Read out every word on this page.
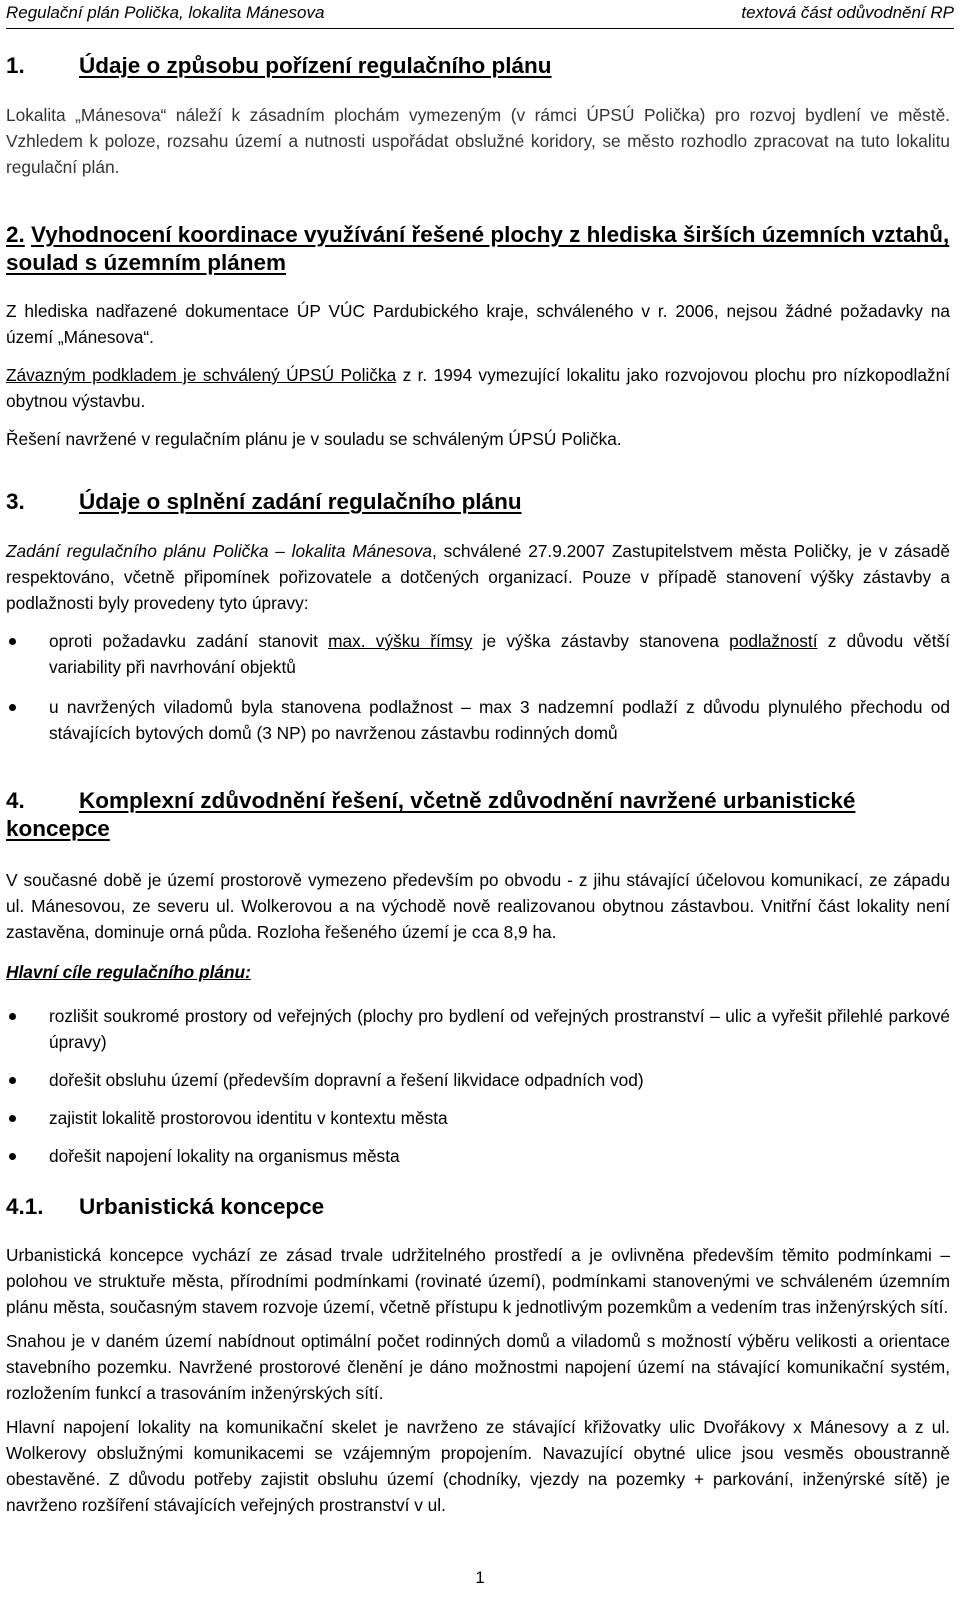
Regulační plán Polička, lokalita Mánesova	textová část odůvodnění RP
1. Údaje o způsobu pořízení regulačního plánu

Lokalita „Mánesova“ náleží k zásadním plochám vymezeným (v rámci ÚPSÚ Polička) pro rozvoj bydlení ve městě. Vzhledem k poloze, rozsahu území a nutnosti uspořádat obslužné koridory, se město rozhodlo zpracovat na tuto lokalitu regulační plán.

2. Vyhodnocení koordinace využívání řešené plochy z hlediska širších územních vztahů, soulad s územním plánem

Z hlediska nadřazené dokumentace ÚP VÚC Pardubického kraje, schváleného v r. 2006, nejsou žádné požadavky na území „Mánesova“.

Závazným podkladem je schválený ÚPSÚ Polička z r. 1994 vymezující lokalitu jako rozvojovou plochu pro nízkopodlažní obytnou výstavbu.

Řešení navržené v regulačním plánu je v souladu se schváleným ÚPSÚ Polička.

3. Údaje o splnění zadání regulačního plánu

Zadání regulačního plánu Polička – lokalita Mánesova, schválené 27.9.2007 Zastupitelstvem města Poličky, je v zásadě respektováno, včetně připomínek pořizovatele a dotčených organizací. Pouze v případě stanovení výšky zástavby a podlažnosti byly provedeny tyto úpravy:

oproti požadavku zadání stanovit max. výšku římsy je výška zástavby stanovena podlažností z důvodu větší variability při navrhování objektů
u navržených viladomů byla stanovena podlažnost – max 3 nadzemní podlaží z důvodu plynulého přechodu od stávajících bytových domů (3 NP) po navrženou zástavbu rodinných domů
4. Komplexní zdůvodnění řešení, včetně zdůvodnění navržené urbanistické koncepce

V současné době je území prostorově vymezeno především po obvodu - z jihu stávající účelovou komunikací, ze západu ul. Mánesovou, ze severu ul. Wolkerovou a na východě nově realizovanou obytnou zástavbou. Vnitřní část lokality není zastavěna, dominuje orná půda. Rozloha řešeného území je cca 8,9 ha.

Hlavní cíle regulačního plánu:

rozlišit soukromé prostory od veřejných (plochy pro bydlení od veřejných prostranství – ulic a vyřešit přilehlé parkové úpravy)
dořešit obsluhu území (především dopravní a řešení likvidace odpadních vod)
zajistit lokalitě prostorovou identitu v kontextu města
dořešit napojení lokality na organismus města
4.1. Urbanistická koncepce

Urbanistická koncepce vychází ze zásad trvale udržitelného prostředí a je ovlivněna především těmito podmínkami – polohou ve struktuře města, přírodními podmínkami (rovinaté území), podmínkami stanovenými ve schváleném územním plánu města, současným stavem rozvoje území, včetně přístupu k jednotlivým pozemkům a vedením tras inženýrských sítí.

Snahou je v daném území nabídnout optimální počet rodinných domů a viladomů s možností výběru velikosti a orientace stavebního pozemku. Navržené prostorové členění je dáno možnostmi napojení území na stávající komunikační systém, rozložením funkcí a trasováním inženýrských sítí.

Hlavní napojení lokality na komunikační skelet je navrženo ze stávající křižovatky ulic Dvořákovy x Mánesovy a z ul. Wolkerovy obslužnými komunikacemi se vzájemným propojením. Navazující obytné ulice jsou vesměs oboustranně obestavěné. Z důvodu potřeby zajistit obsluhu území (chodníky, vjezdy na pozemky + parkování, inženýrské sítě) je navrženo rozšíření stávajících veřejných prostranství v ul.

1
